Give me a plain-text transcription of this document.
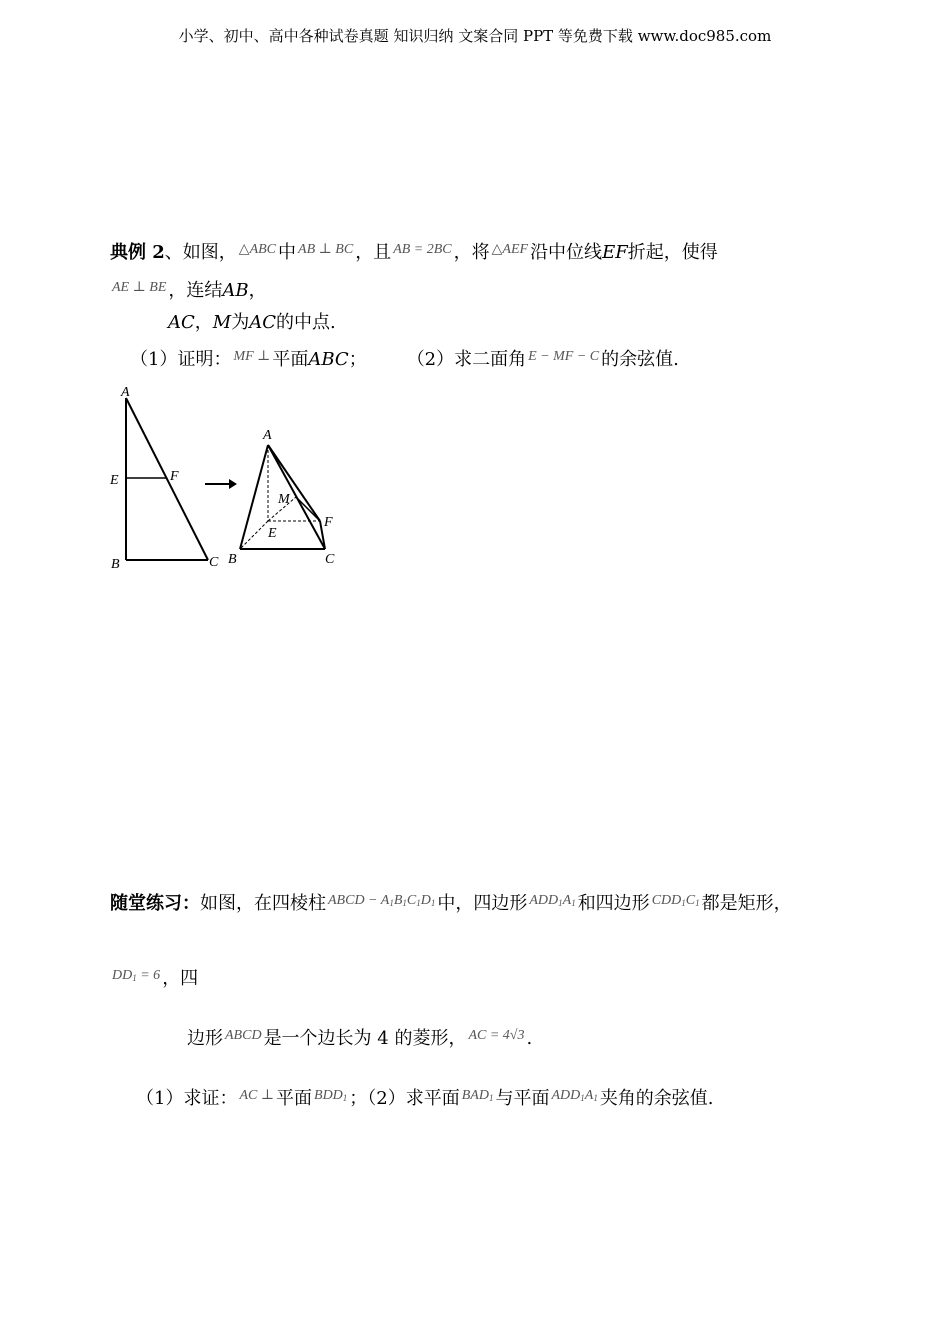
小学、初中、高中各种试卷真题 知识归纳 文案合同 PPT 等免费下载 www.doc985.com
典例 2、如图， $^{\triangle ABC}$ 中 $^{AB \perp BC}$ ，且 $^{AB = 2BC}$ ，将 $^{\triangle AEF}$ 沿中位线EF折起，使得
$^{AE \perp BE}$ ，连结AB，
AC，M为AC的中点.
（1）证明： $^{MF \perp}$ 平面ABC； （2）求二面角 $^{E - MF - C}$ 的余弦值.
A
E	F
B	C
A
M
F
E
B	C
随堂练习：如图，在四棱柱 $^{ABCD - A_1B_1C_1D_1}$ 中，四边形 $^{ADD_1A_1}$ 和四边形 $^{CDD_1C_1}$ 都是矩形，
$^{DD_1 = 6}$ ，四
边形 $^{ABCD}$ 是一个边长为 4 的菱形， $^{AC = 4√3}$ .
（1）求证： $^{AC \perp}$ 平面 $^{BDD_1}$ ；（2）求平面 $^{BAD_1}$ 与平面 $^{ADD_1A_1}$ 夹角的余弦值.
